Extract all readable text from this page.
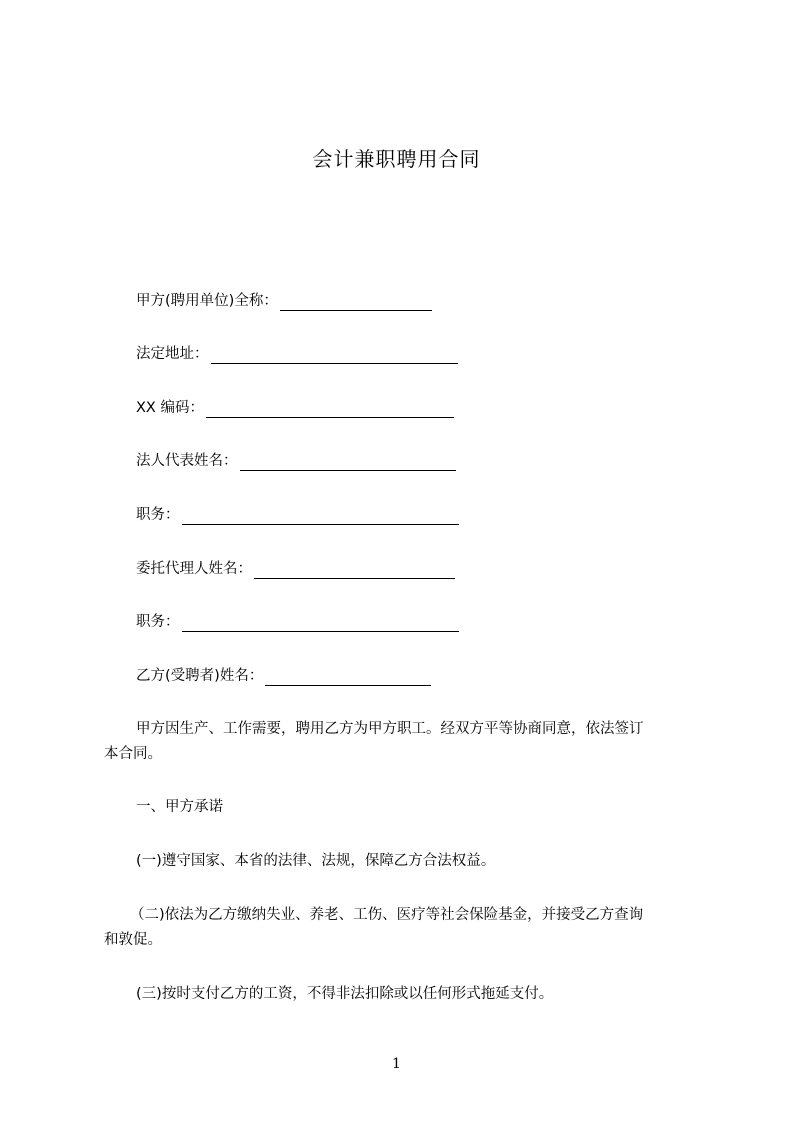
会计兼职聘用合同
甲方(聘用单位)全称：
法定地址：
XX 编码：
法人代表姓名：
职务：
委托代理人姓名：
职务：
乙方(受聘者)姓名：
甲方因生产、工作需要，聘用乙方为甲方职工。经双方平等协商同意，依法签订
本合同。
一、甲方承诺
(一)遵守国家、本省的法律、法规，保障乙方合法权益。
（二)依法为乙方缴纳失业、养老、工伤、医疗等社会保险基金，并接受乙方查询
和敦促。
(三)按时支付乙方的工资，不得非法扣除或以任何形式拖延支付。
1
